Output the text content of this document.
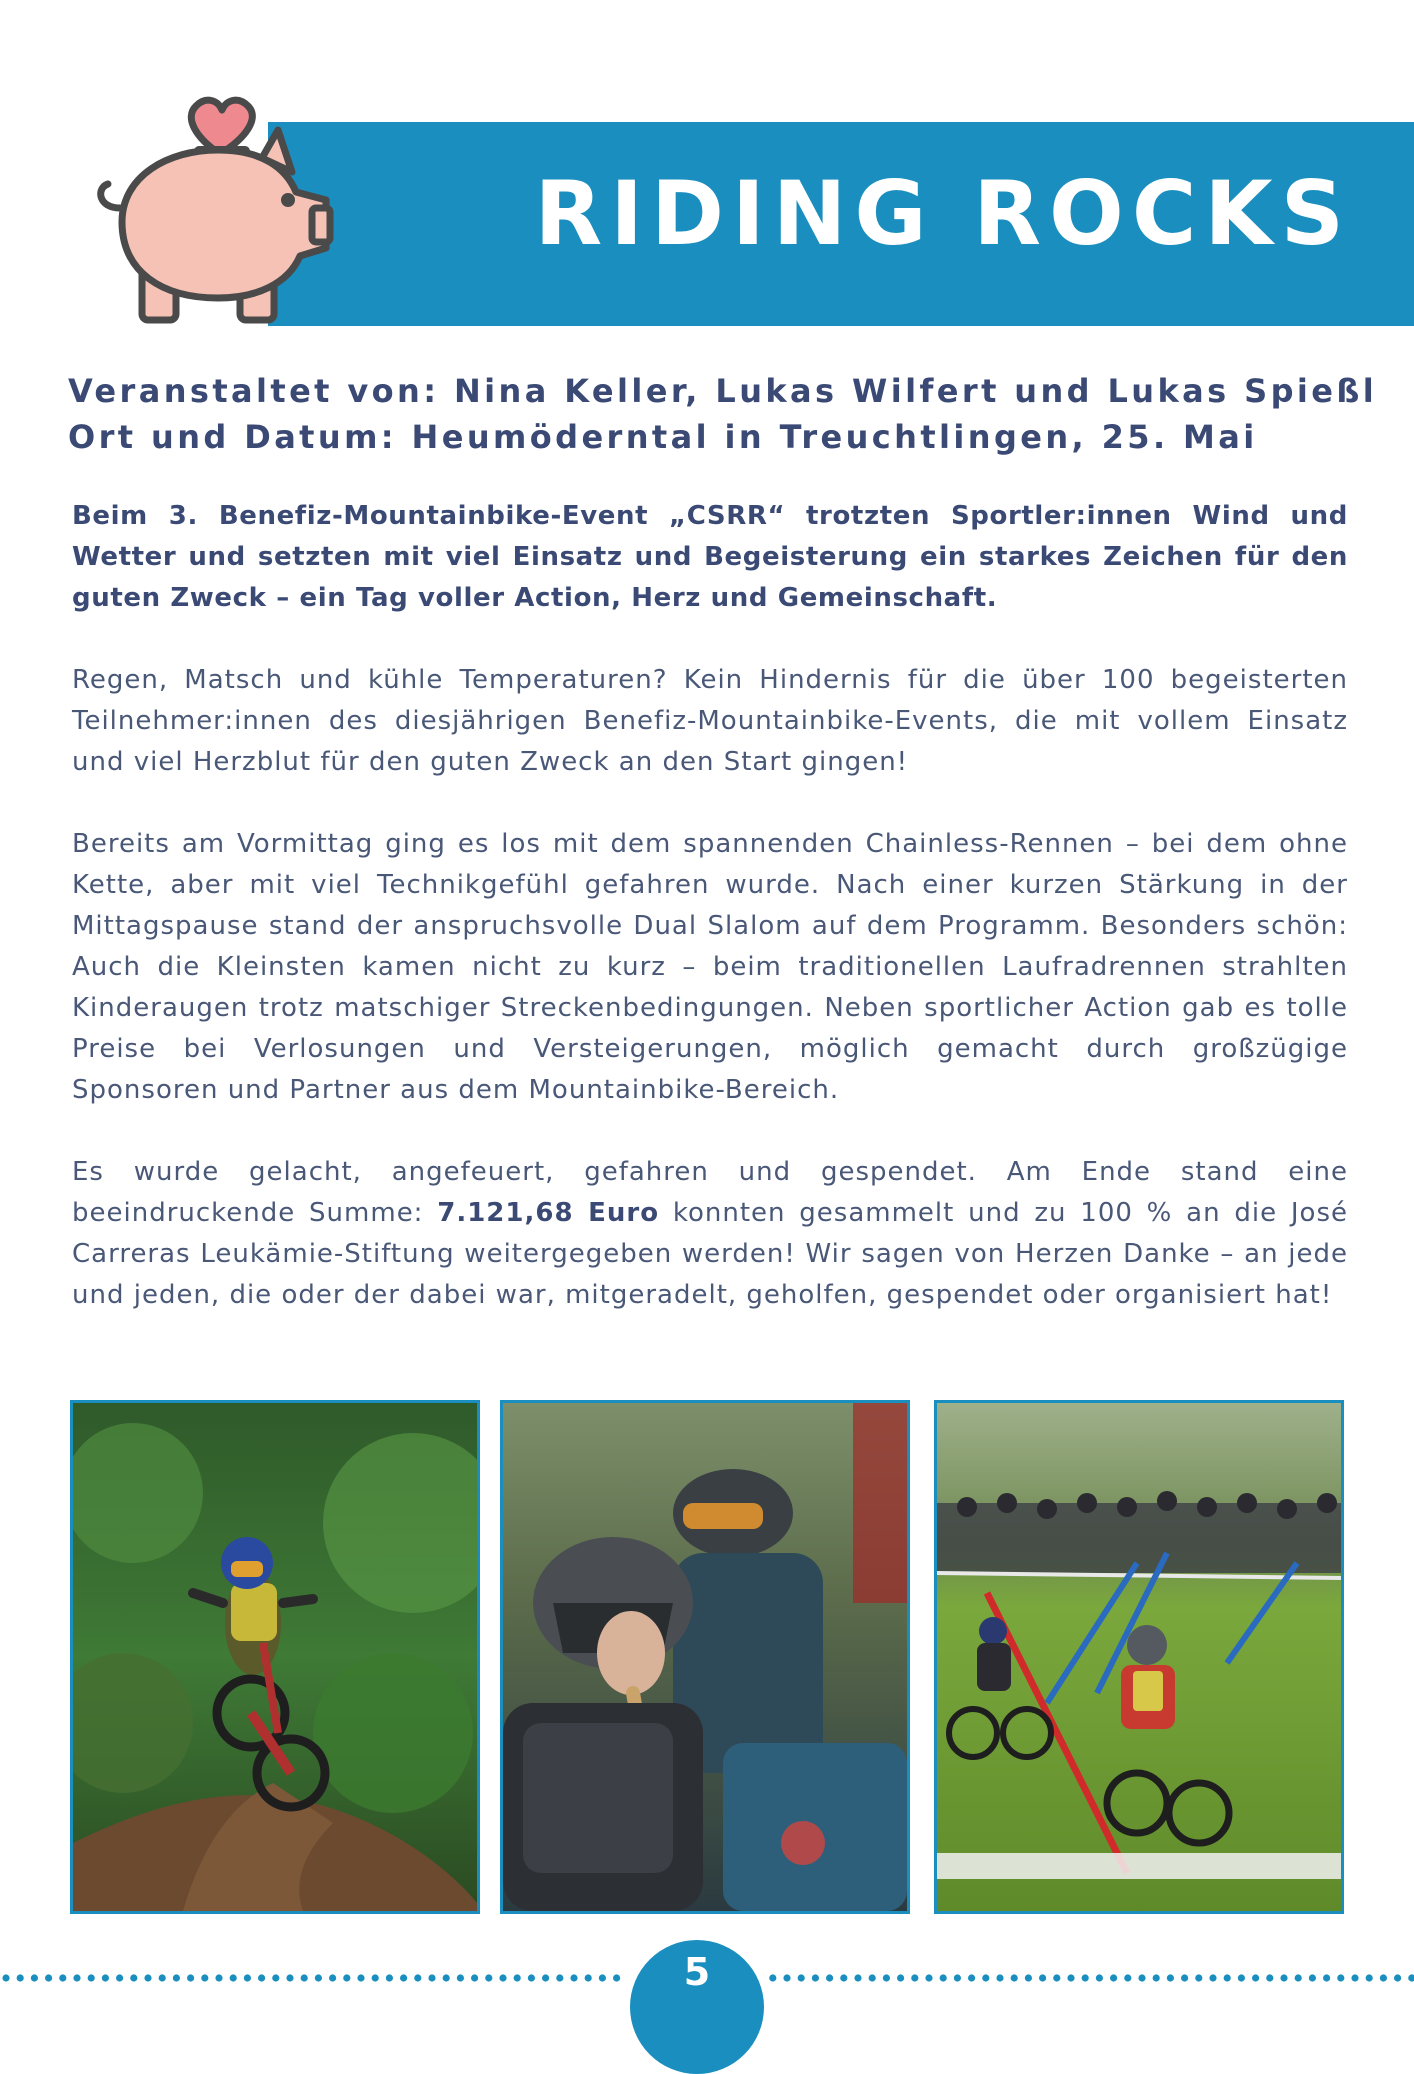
RIDING ROCKS
Veranstaltet von: Nina Keller, Lukas Wilfert und Lukas Spießl
Ort und Datum: Heumöderntal in Treuchtlingen, 25. Mai
Beim 3. Benefiz-Mountainbike-Event „CSRR“ trotzten Sportler:innen Wind und Wetter und setzten mit viel Einsatz und Begeisterung ein starkes Zeichen für den guten Zweck – ein Tag voller Action, Herz und Gemeinschaft.
Regen, Matsch und kühle Temperaturen? Kein Hindernis für die über 100 begeisterten Teilnehmer:innen des diesjährigen Benefiz-Mountainbike-Events, die mit vollem Einsatz und viel Herzblut für den guten Zweck an den Start gingen!
Bereits am Vormittag ging es los mit dem spannenden Chainless-Rennen – bei dem ohne Kette, aber mit viel Technikgefühl gefahren wurde. Nach einer kurzen Stärkung in der Mittagspause stand der anspruchsvolle Dual Slalom auf dem Programm. Besonders schön: Auch die Kleinsten kamen nicht zu kurz – beim traditionellen Laufradrennen strahlten Kinderaugen trotz matschiger Streckenbedingungen. Neben sportlicher Action gab es tolle Preise bei Verlosungen und Versteigerungen, möglich gemacht durch großzügige Sponsoren und Partner aus dem Mountainbike-Bereich.
Es wurde gelacht, angefeuert, gefahren und gespendet. Am Ende stand eine beeindruckende Summe: 7.121,68 Euro konnten gesammelt und zu 100 % an die José Carreras Leukämie-Stiftung weitergegeben werden! Wir sagen von Herzen Danke – an jede und jeden, die oder der dabei war, mitgeradelt, geholfen, gespendet oder organisiert hat!
5
